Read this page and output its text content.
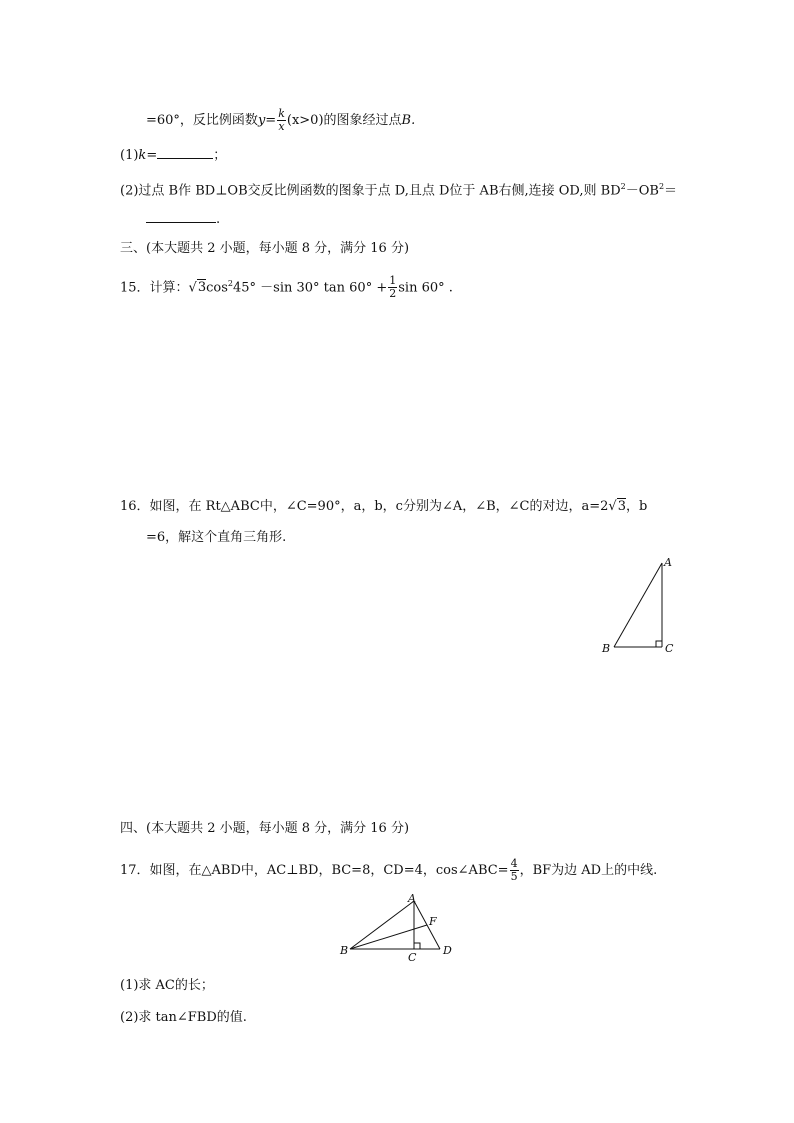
=60°，反比例函数$y= \frac{k}{x} (x>0)$的图象经过点B.
(1)k=	；
(2)过点 B作 BD⊥OB交反比例函数的图象于点 D,且点 D位于 AB右侧,连接 OD,则 $BD^2-OB^2=$
.
三、(本大题共 2 小题，每小题 8 分，满分 16 分)
15．计算：$√3\cos^245^\circ -\sin$ 30° $\tan 60^\circ + \frac{1}{2}$ sin 60° .
16．如图，在 Rt△ABC中，∠C=90°，a，b，c分别为∠A，∠B，∠C的对边，a=2√3，b
=6，解这个直角三角形.
A
B	C
四、(本大题共 2 小题，每小题 8 分，满分 16 分)
17．如图，在△ABD中，AC⊥BD，BC=8，CD=4，cos∠ABC= $\frac{4}{5}$ ，BF为边 AD上的中线.
A
B
C
D
F
(1)求 AC的长；
(2)求 tan∠FBD的值.
